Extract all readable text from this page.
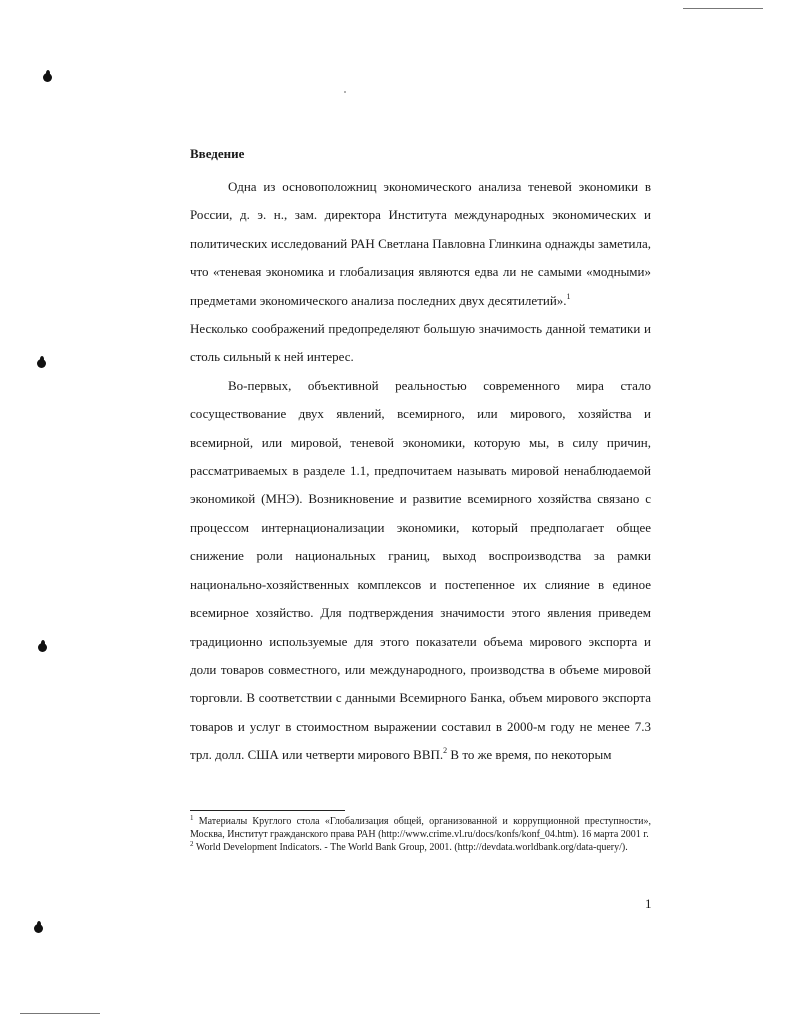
Введение

Одна из основоположниц экономического анализа теневой экономики в России, д. э. н., зам. директора Института международных экономических и политических исследований РАН Светлана Павловна Глинкина однажды заметила, что «теневая экономика и глобализация являются едва ли не самыми «модными» предметами экономического анализа последних двух десятилетий».$^1$
Несколько соображений предопределяют большую значимость данной тематики и столь сильный к ней интерес.

Во-первых, объективной реальностью современного мира стало сосуществование двух явлений, всемирного, или мирового, хозяйства и всемирной, или мировой, теневой экономики, которую мы, в силу причин, рассматриваемых в разделе 1.1, предпочитаем называть мировой ненаблюдаемой экономикой (МНЭ). Возникновение и развитие всемирного хозяйства связано с процессом интернационализации экономики, который предполагает общее снижение роли национальных границ, выход воспроизводства за рамки национально-хозяйственных комплексов и постепенное их слияние в единое всемирное хозяйство. Для подтверждения значимости этого явления приведем традиционно используемые для этого показатели объема мирового экспорта и доли товаров совместного, или международного, производства в объеме мировой торговли. В соответствии с данными Всемирного Банка, объем мирового экспорта товаров и услуг в стоимостном выражении составил в 2000-м году не менее 7.3 трл. долл. США или четверти мирового ВВП.$^2$ В то же время, по некоторым

$^1$ Материалы Круглого стола «Глобализация общей, организованной и коррупционной преступности», Москва, Институт гражданского права РАН (http://www.crime.vl.ru/docs/konfs/konf_04.htm). 16 марта 2001 г.

$^2$ World Development Indicators. - The World Bank Group, 2001. (http://devdata.worldbank.org/data-query/).

1
